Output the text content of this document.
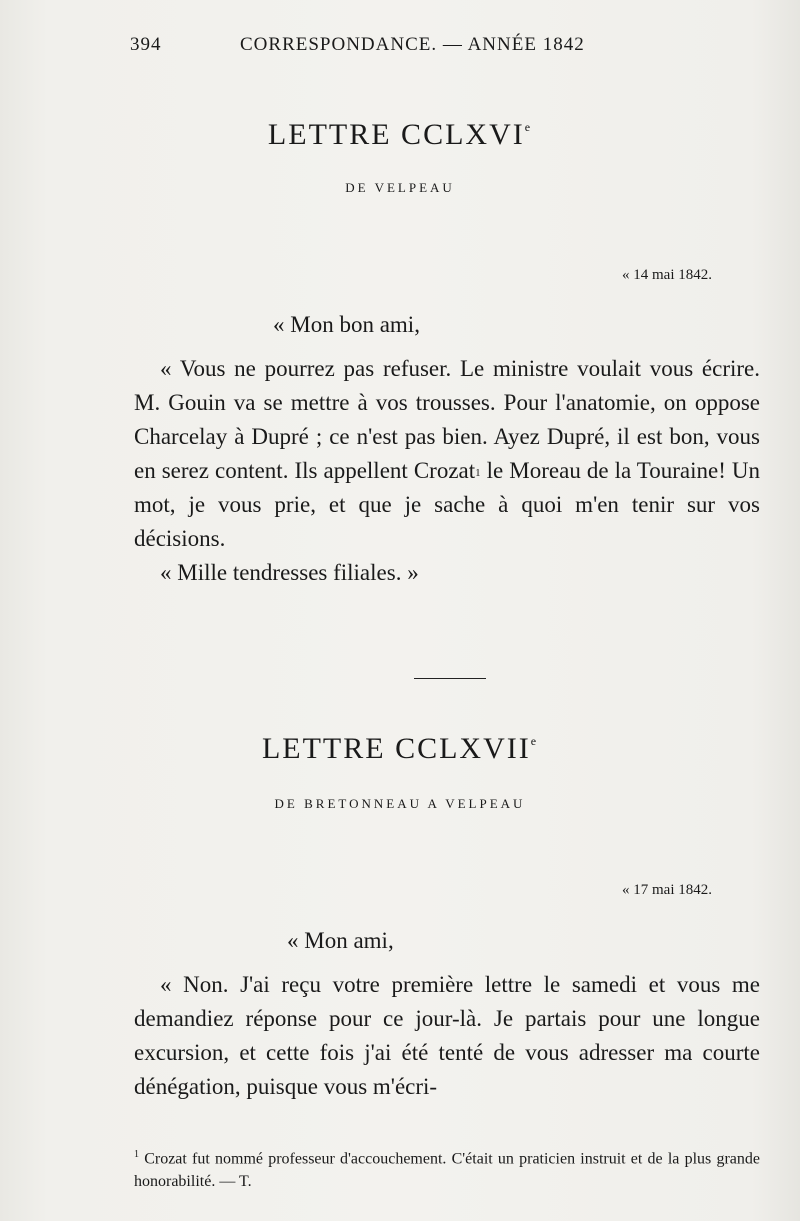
394	CORRESPONDANCE. — ANNÉE 1842
LETTRE CCLXVIe
DE VELPEAU
« 14 mai 1842.
« Mon bon ami,

« Vous ne pourrez pas refuser. Le ministre voulait vous écrire. M. Gouin va se mettre à vos trousses. Pour l'anatomie, on oppose Charcelay à Dupré ; ce n'est pas bien. Ayez Dupré, il est bon, vous en serez content. Ils appellent Crozat$^1$ le Moreau de la Touraine! Un mot, je vous prie, et que je sache à quoi m'en tenir sur vos décisions.

« Mille tendresses filiales. »

LETTRE CCLXVIIe
DE BRETONNEAU A VELPEAU
« 17 mai 1842.
« Mon ami,

« Non. J'ai reçu votre première lettre le samedi et vous me demandiez réponse pour ce jour-là. Je partais pour une longue excursion, et cette fois j'ai été tenté de vous adresser ma courte dénégation, puisque vous m'écri-

$^1$ Crozat fut nommé professeur d'accouchement. C'était un praticien instruit et de la plus grande honorabilité. — T.
